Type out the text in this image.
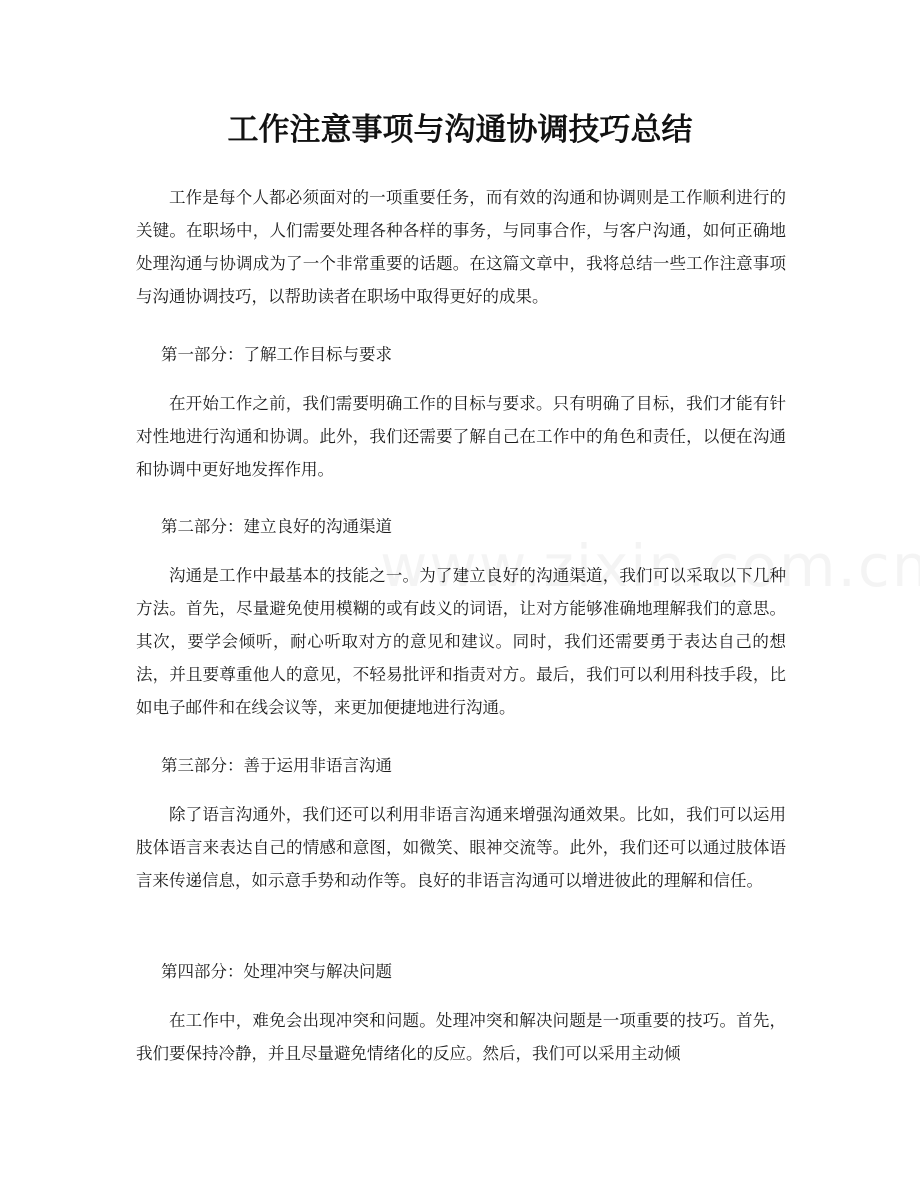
工作注意事项与沟通协调技巧总结

工作是每个人都必须面对的一项重要任务，而有效的沟通和协调则是工作顺利进行的关键。在职场中，人们需要处理各种各样的事务，与同事合作，与客户沟通，如何正确地处理沟通与协调成为了一个非常重要的话题。在这篇文章中，我将总结一些工作注意事项与沟通协调技巧，以帮助读者在职场中取得更好的成果。

第一部分：了解工作目标与要求

在开始工作之前，我们需要明确工作的目标与要求。只有明确了目标，我们才能有针对性地进行沟通和协调。此外，我们还需要了解自己在工作中的角色和责任，以便在沟通和协调中更好地发挥作用。

第二部分：建立良好的沟通渠道

沟通是工作中最基本的技能之一。为了建立良好的沟通渠道，我们可以采取以下几种方法。首先，尽量避免使用模糊的或有歧义的词语，让对方能够准确地理解我们的意思。其次，要学会倾听，耐心听取对方的意见和建议。同时，我们还需要勇于表达自己的想法，并且要尊重他人的意见，不轻易批评和指责对方。最后，我们可以利用科技手段，比如电子邮件和在线会议等，来更加便捷地进行沟通。

第三部分：善于运用非语言沟通

除了语言沟通外，我们还可以利用非语言沟通来增强沟通效果。比如，我们可以运用肢体语言来表达自己的情感和意图，如微笑、眼神交流等。此外，我们还可以通过肢体语言来传递信息，如示意手势和动作等。良好的非语言沟通可以增进彼此的理解和信任。

第四部分：处理冲突与解决问题

在工作中，难免会出现冲突和问题。处理冲突和解决问题是一项重要的技巧。首先，我们要保持冷静，并且尽量避免情绪化的反应。然后，我们可以采用主动倾
